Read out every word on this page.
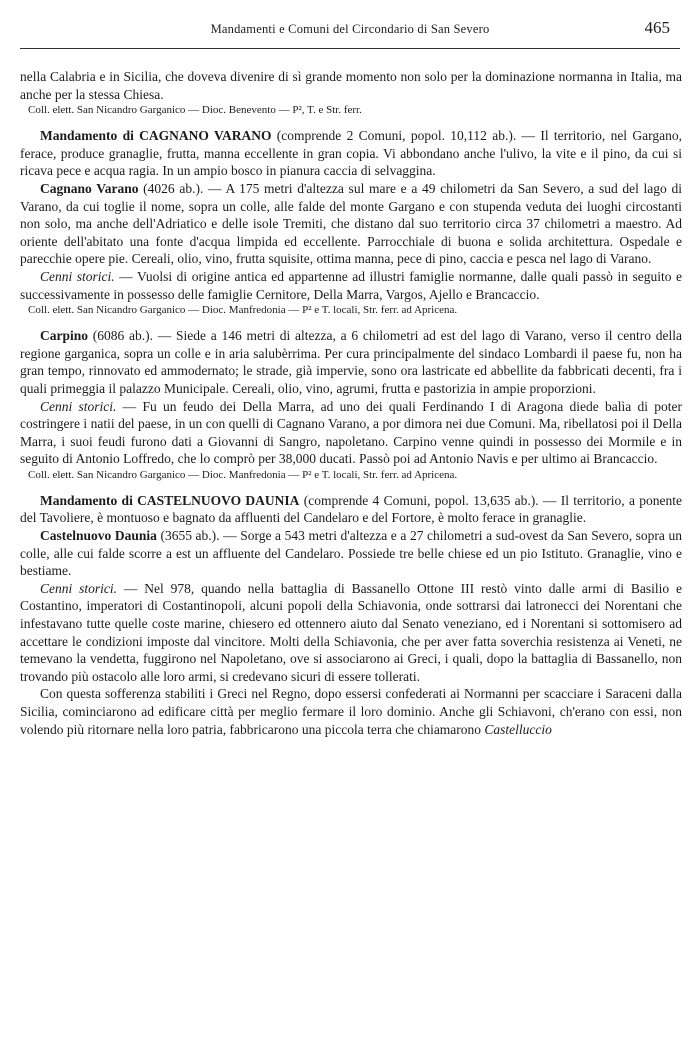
Mandamenti e Comuni del Circondario di San Severo	465

nella Calabria e in Sicilia, che doveva divenire di sì grande momento non solo per la dominazione normanna in Italia, ma anche per la stessa Chiesa.

Coll. elett. San Nicandro Garganico — Dioc. Benevento — P², T. e Str. ferr.

Mandamento di CAGNANO VARANO (comprende 2 Comuni, popol. 10,112 ab.). — Il territorio, nel Gargano, ferace, produce granaglie, frutta, manna eccellente in gran copia. Vi abbondano anche l'ulivo, la vite e il pino, da cui si ricava pece e acqua ragia. In un ampio bosco in pianura caccia di selvaggina.

Cagnano Varano (4026 ab.). — A 175 metri d'altezza sul mare e a 49 chilometri da San Severo, a sud del lago di Varano, da cui toglie il nome, sopra un colle, alle falde del monte Gargano e con stupenda veduta dei luoghi circostanti non solo, ma anche dell'Adriatico e delle isole Tremiti, che distano dal suo territorio circa 37 chilometri a maestro. Ad oriente dell'abitato una fonte d'acqua limpida ed eccellente. Parrocchiale di buona e solida architettura. Ospedale e parecchie opere pie. Cereali, olio, vino, frutta squisite, ottima manna, pece di pino, caccia e pesca nel lago di Varano.

Cenni storici. — Vuolsi di origine antica ed appartenne ad illustri famiglie normanne, dalle quali passò in seguito e successivamente in possesso delle famiglie Cernitore, Della Marra, Vargos, Ajello e Brancaccio.

Coll. elett. San Nicandro Garganico — Dioc. Manfredonia — P² e T. locali, Str. ferr. ad Apricena.

Carpino (6086 ab.). — Siede a 146 metri di altezza, a 6 chilometri ad est del lago di Varano, verso il centro della regione garganica, sopra un colle e in aria salubèrrima. Per cura principalmente del sindaco Lombardi il paese fu, non ha gran tempo, rinnovato ed ammodernato; le strade, già impervie, sono ora lastricate ed abbellite da fabbricati decenti, fra i quali primeggia il palazzo Municipale. Cereali, olio, vino, agrumi, frutta e pastorizia in ampie proporzioni.

Cenni storici. — Fu un feudo dei Della Marra, ad uno dei quali Ferdinando I di Aragona diede balìa di poter costringere i natii del paese, in un con quelli di Cagnano Varano, a por dimora nei due Comuni. Ma, ribellatosi poi il Della Marra, i suoi feudi furono dati a Giovanni di Sangro, napoletano. Carpino venne quindi in possesso dei Mormile e in seguito di Antonio Loffredo, che lo comprò per 38,000 ducati. Passò poi ad Antonio Navis e per ultimo ai Brancaccio.

Coll. elett. San Nicandro Garganico — Dioc. Manfredonia — P² e T. locali, Str. ferr. ad Apricena.

Mandamento di CASTELNUOVO DAUNIA (comprende 4 Comuni, popol. 13,635 ab.). — Il territorio, a ponente del Tavoliere, è montuoso e bagnato da affluenti del Candelaro e del Fortore, è molto ferace in granaglie.

Castelnuovo Daunia (3655 ab.). — Sorge a 543 metri d'altezza e a 27 chilometri a sud-ovest da San Severo, sopra un colle, alle cui falde scorre a est un affluente del Candelaro. Possiede tre belle chiese ed un pio Istituto. Granaglie, vino e bestiame.

Cenni storici. — Nel 978, quando nella battaglia di Bassanello Ottone III restò vinto dalle armi di Basilio e Costantino, imperatori di Costantinopoli, alcuni popoli della Schiavonia, onde sottrarsi dai latronecci dei Norentani che infestavano tutte quelle coste marine, chiesero ed ottennero aiuto dal Senato veneziano, ed i Norentani si sottomisero ad accettare le condizioni imposte dal vincitore. Molti della Schiavonia, che per aver fatta soverchia resistenza ai Veneti, ne temevano la vendetta, fuggirono nel Napoletano, ove si associarono ai Greci, i quali, dopo la battaglia di Bassanello, non trovando più ostacolo alle loro armi, si credevano sicuri di essere tollerati.

Con questa sofferenza stabiliti i Greci nel Regno, dopo essersi confederati ai Normanni per scacciare i Saraceni dalla Sicilia, cominciarono ad edificare città per meglio fermare il loro dominio. Anche gli Schiavoni, ch'erano con essi, non volendo più ritornare nella loro patria, fabbricarono una piccola terra che chiamarono Castelluccio
